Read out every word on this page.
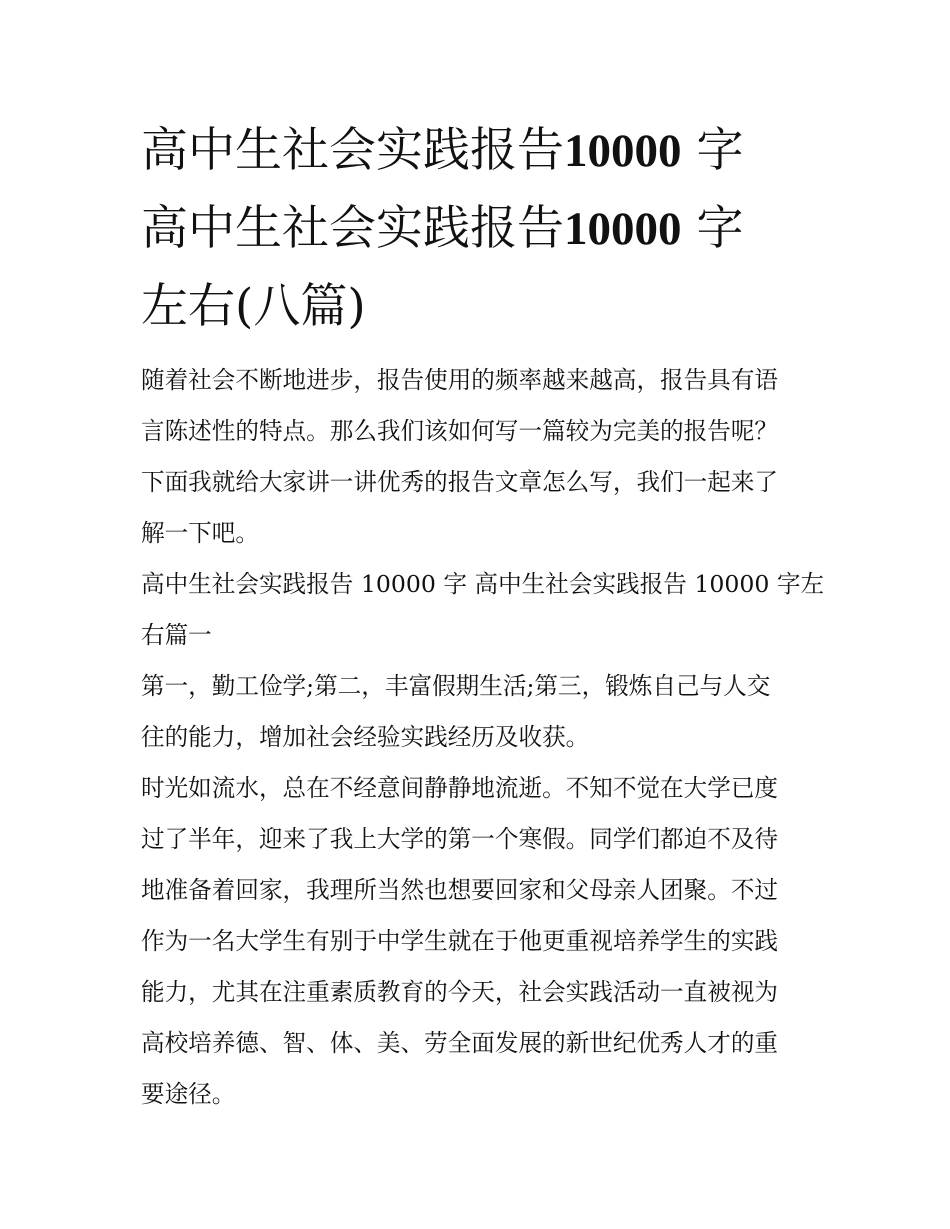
高中生社会实践报告10000 字
高中生社会实践报告10000 字
左右(八篇)

随着社会不断地进步，报告使用的频率越来越高，报告具有语
言陈述性的特点。那么我们该如何写一篇较为完美的报告呢？
下面我就给大家讲一讲优秀的报告文章怎么写，我们一起来了
解一下吧。

高中生社会实践报告 10000 字 高中生社会实践报告 10000 字左
右篇一

第一，勤工俭学;第二，丰富假期生活;第三，锻炼自己与人交
往的能力，增加社会经验实践经历及收获。

时光如流水，总在不经意间静静地流逝。不知不觉在大学已度
过了半年，迎来了我上大学的第一个寒假。同学们都迫不及待
地准备着回家，我理所当然也想要回家和父母亲人团聚。不过
作为一名大学生有别于中学生就在于他更重视培养学生的实践
能力，尤其在注重素质教育的今天，社会实践活动一直被视为
高校培养德、智、体、美、劳全面发展的新世纪优秀人才的重
要途径。
